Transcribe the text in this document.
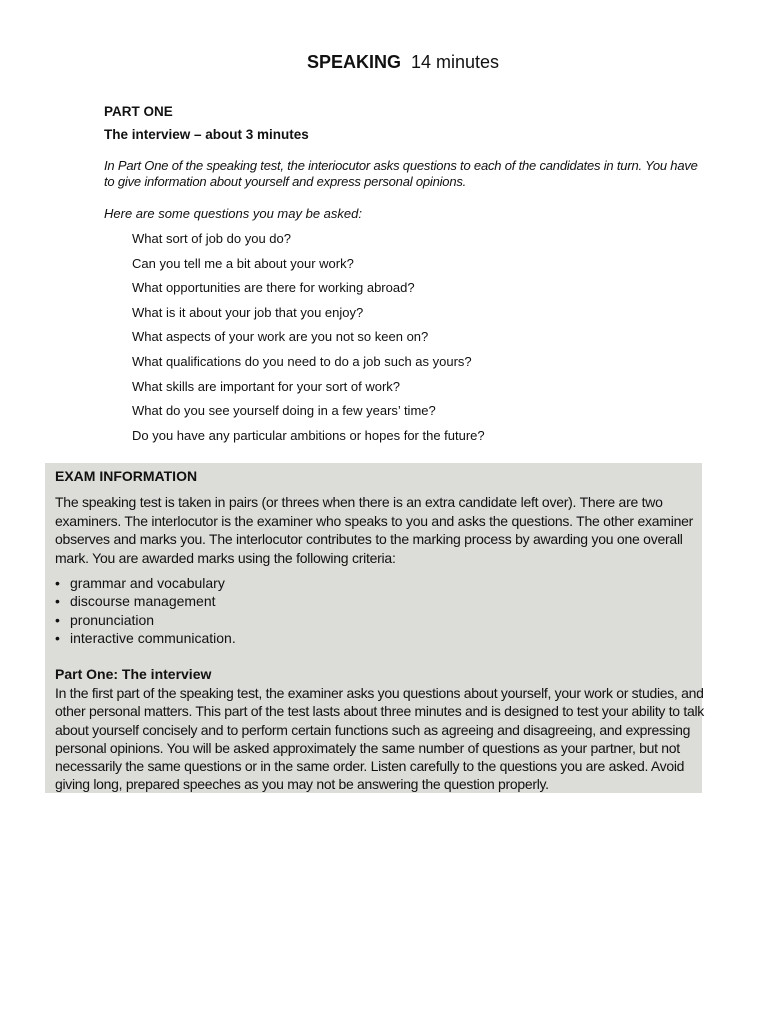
SPEAKING 14 minutes
PART ONE
The interview – about 3 minutes
In Part One of the speaking test, the interiocutor asks questions to each of the candidates in turn. You have to give information about yourself and express personal opinions.
Here are some questions you may be asked:
What sort of job do you do?
Can you tell me a bit about your work?
What opportunities are there for working abroad?
What is it about your job that you enjoy?
What aspects of your work are you not so keen on?
What qualifications do you need to do a job such as yours?
What skills are important for your sort of work?
What do you see yourself doing in a few years’ time?
Do you have any particular ambitions or hopes for the future?
EXAM INFORMATION
The speaking test is taken in pairs (or threes when there is an extra candidate left over). There are two examiners. The interlocutor is the examiner who speaks to you and asks the questions. The other examiner observes and marks you. The interlocutor contributes to the marking process by awarding you one overall mark. You are awarded marks using the following criteria:
• grammar and vocabulary
• discourse management
• pronunciation
• interactive communication.
Part One: The interview
In the first part of the speaking test, the examiner asks you questions about yourself, your work or studies, and other personal matters. This part of the test lasts about three minutes and is designed to test your ability to talk about yourself concisely and to perform certain functions such as agreeing and disagreeing, and expressing personal opinions. You will be asked approximately the same number of questions as your partner, but not necessarily the same questions or in the same order. Listen carefully to the questions you are asked. Avoid giving long, prepared speeches as you may not be answering the question properly.
